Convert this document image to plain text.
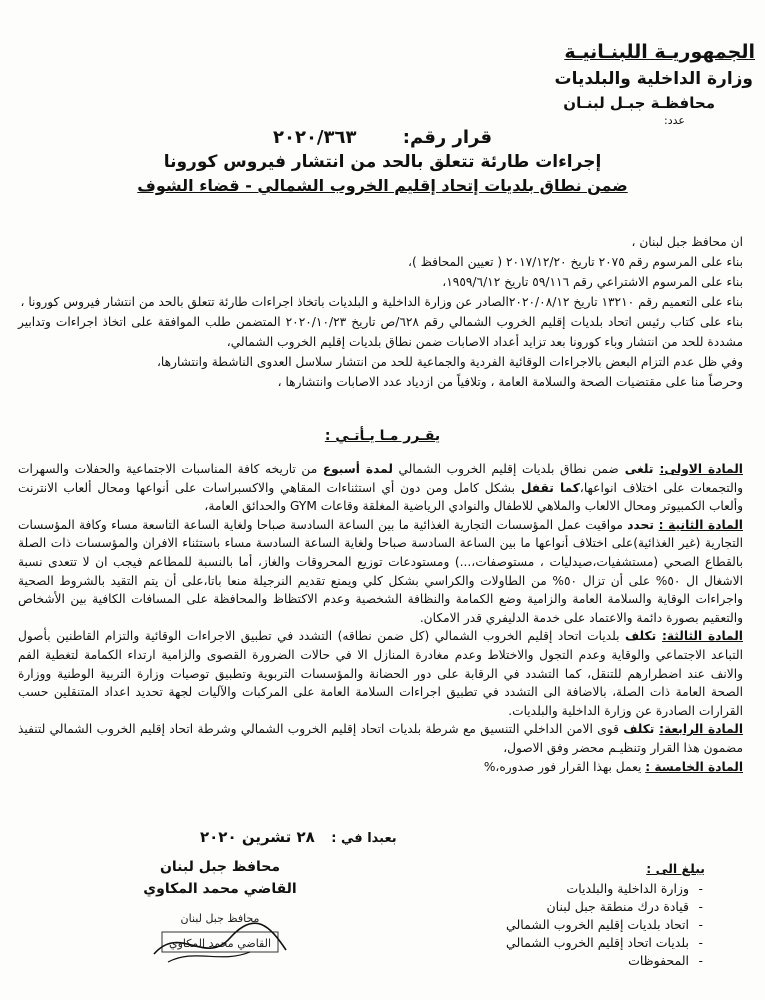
الجمهوريـة اللبنـانيـة
وزارة الداخلية والبلديات
محافظـة جبـل لبنـان
عدد:
قرار رقم: ٢٠٢٠/٣٦٣
إجراءات طارئة تتعلق بالحد من انتشار فيروس كورونا
ضمن نطاق بلديات إتحاد إقليم الخروب الشمالي - قضاء الشوف

ان محافظ جبل لبنان ،

بناء على المرسوم رقم ٢٠٧٥ تاريخ ٢٠١٧/١٢/٢٠ ( تعيين المحافظ )،

بناء على المرسوم الاشتراعي رقم ٥٩/١١٦ تاريخ ١٩٥٩/٦/١٢،

بناء على التعميم رقم ١٣٢١٠ تاريخ ٢٠٢٠/٠٨/١٢الصادر عن وزارة الداخلية و البلديات باتخاذ اجراءات طارئة تتعلق بالحد من انتشار فيروس كورونا ،

بناء على كتاب رئيس اتحاد بلديات إقليم الخروب الشمالي رقم ٦٢٨/ص تاريخ ٢٠٢٠/١٠/٢٣ المتضمن طلب الموافقة على اتخاذ اجراءات وتدابير مشددة للحد من انتشار وباء كورونا بعد تزايد أعداد الاصابات ضمن نطاق بلديات إقليم الخروب الشمالي،

وفي ظل عدم التزام البعض بالاجراءات الوقائية الفردية والجماعية للحد من انتشار سلاسل العدوى الناشطة وانتشارها،

وحرصاً منا على مقتضيات الصحة والسلامة العامة ، وتلافياً من ازدياد عدد الاصابات وانتشارها ،

يقـرر مـا يـأتـي :

المادة الاولى: تلغى ضمن نطاق بلديات إقليم الخروب الشمالي لمدة أسبوع من تاريخه كافة المناسبات الاجتماعية والحفلات والسهرات والتجمعات على اختلاف انواعها،كما تقفل بشكل كامل ومن دون أي استثناءات المقاهي والاكسبراسات على أنواعها ومحال ألعاب الانترنت وألعاب الكمبيوتر ومحال الالعاب والملاهي للاطفال والنوادي الرياضية المغلقة وقاعات GYM والحدائق العامة،

المادة الثانية : تحدد مواقيت عمل المؤسسات التجارية الغذائية ما بين الساعة السادسة صباحا ولغاية الساعة التاسعة مساء وكافة المؤسسات التجارية (غير الغذائية)على اختلاف أنواعها ما بين الساعة السادسة صباحا ولغاية الساعة السادسة مساء باستثناء الافران والمؤسسات ذات الصلة بالقطاع الصحي (مستشفيات،صيدليات ، مستوصفات،...) ومستودعات توزيع المحروقات والغاز، أما بالنسبة للمطاعم فيجب ان لا تتعدى نسبة الاشغال ال ٥٠% على أن تزال ٥٠% من الطاولات والكراسي بشكل كلي ويمنع تقديم النرجيلة منعا باتا،على أن يتم التقيد بالشروط الصحية واجراءات الوقاية والسلامة العامة والزامية وضع الكمامة والنظافة الشخصية وعدم الاكتظاظ والمحافظة على المسافات الكافية بين الأشخاص والتعقيم بصورة دائمة والاعتماد على خدمة الدليفري قدر الامكان.

المادة الثالثة: تكلف بلديات اتحاد إقليم الخروب الشمالي (كل ضمن نطاقه) التشدد في تطبيق الاجراءات الوقائية والتزام القاطنين بأصول التباعد الاجتماعي والوقاية وعدم التجول والاختلاط وعدم مغادرة المنازل الا في حالات الضرورة القصوى والزامية ارتداء الكمامة لتغطية الفم والانف عند اضطرارهم للتنقل، كما التشدد في الرقابة على دور الحضانة والمؤسسات التربوية وتطبيق توصيات وزارة التربية الوطنية ووزارة الصحة العامة ذات الصلة، بالاضافة الى التشدد في تطبيق اجراءات السلامة العامة على المركبات والآليات لجهة تحديد اعداد المتنقلين حسب القرارات الصادرة عن وزارة الداخلية والبلديات.

المادة الرابعة: تكلف قوى الامن الداخلي التنسيق مع شرطة بلديات اتحاد إقليم الخروب الشمالي وشرطة اتحاد إقليم الخروب الشمالي لتنفيذ مضمون هذا القرار وتنظيـم محضر وفق الاصول،

المادة الخامسة : يعمل بهذا القرار فور صدوره،%

بعبدا في : ٢٨ تشرين ٢٠٢٠
محافظ جبل لبنان
القاضي محمد المكاوي
محافظ جبل لبنان
القاضي محمد المكاوي
يبلغ الى :
- وزارة الداخلية والبلديات
- قيادة درك منطقة جبل لبنان
- اتحاد بلديات إقليم الخروب الشمالي
- بلديات اتحاد إقليم الخروب الشمالي
- المحفوظات
